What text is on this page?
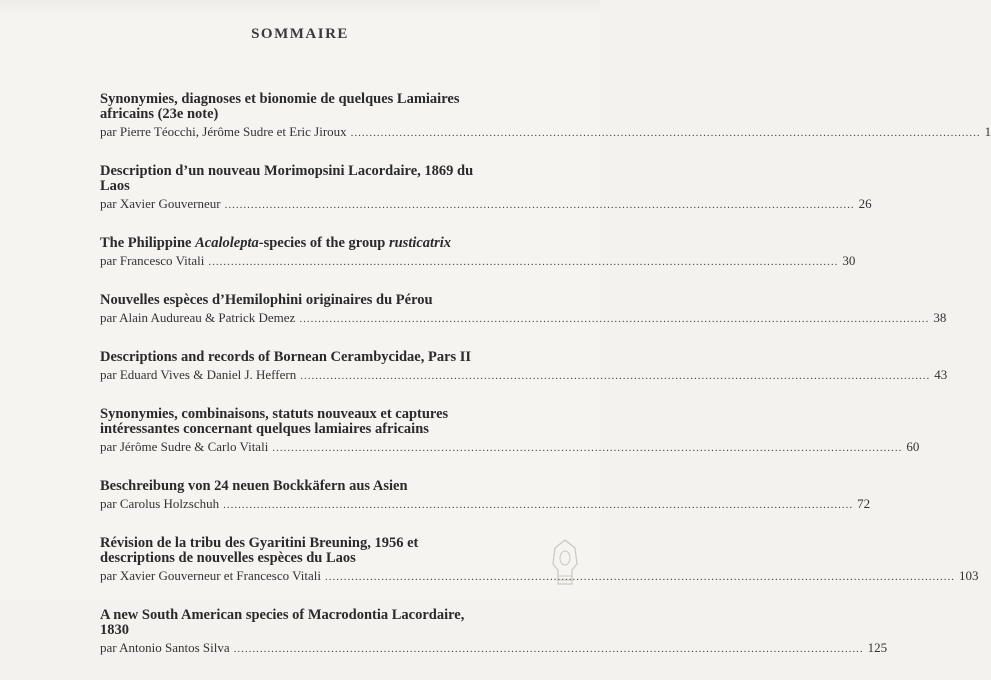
SOMMAIRE
Synonymies, diagnoses et bionomie de quelques Lamiaires africains (23e note)
par Pierre Téocchi, Jérôme Sudre et Eric Jiroux .....	1
Description d’un nouveau Morimopsini Lacordaire, 1869 du Laos
par Xavier Gouverneur .....	26
The Philippine Acalolepta-species of the group rusticatrix
par Francesco Vitali .....	30
Nouvelles espèces d’Hemilophini originaires du Pérou
par Alain Audureau & Patrick Demez .....	38
Descriptions and records of Bornean Cerambycidae, Pars II
par Eduard Vives & Daniel J. Heffern .....	43
Synonymies, combinaisons, statuts nouveaux et captures intéressantes concernant quelques lamiaires africains
par Jérôme Sudre & Carlo Vitali .....	60
Beschreibung von 24 neuen Bockkäfern aus Asien
par Carolus Holzschuh .....	72
Révision de la tribu des Gyaritini Breuning, 1956 et descriptions de nouvelles espèces du Laos
par Xavier Gouverneur et Francesco Vitali .....	103
A new South American species of Macrodontia Lacordaire, 1830
par Antonio Santos Silva .....	125
